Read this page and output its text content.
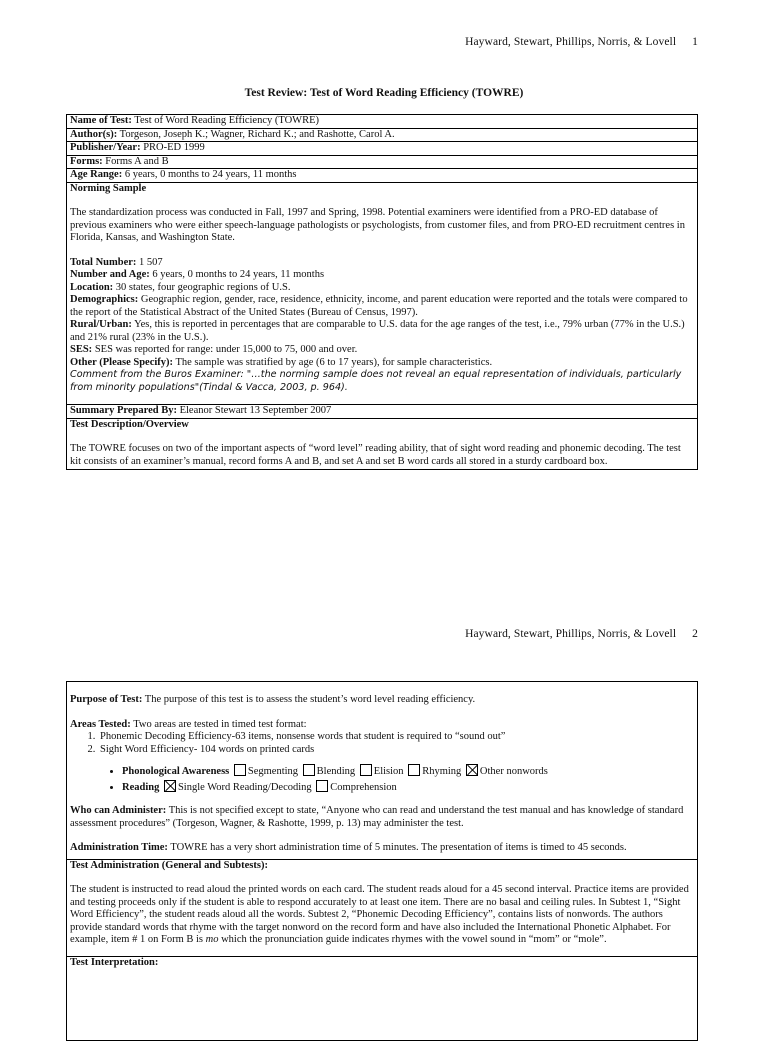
Hayward, Stewart, Phillips, Norris, & Lovell 1
Test Review: Test of Word Reading Efficiency (TOWRE)
Name of Test: Test of Word Reading Efficiency (TOWRE)
Author(s): Torgeson, Joseph K.; Wagner, Richard K.; and Rashotte, Carol A.
Publisher/Year: PRO-ED 1999
Forms: Forms A and B
Age Range: 6 years, 0 months to 24 years, 11 months
Norming Sample

The standardization process was conducted in Fall, 1997 and Spring, 1998. Potential examiners were identified from a PRO-ED database of previous examiners who were either speech-language pathologists or psychologists, from customer files, and from PRO-ED recruitment centres in Florida, Kansas, and Washington State.

Total Number: 1 507
Number and Age: 6 years, 0 months to 24 years, 11 months
Location: 30 states, four geographic regions of U.S.
Demographics: Geographic region, gender, race, residence, ethnicity, income, and parent education were reported and the totals were compared to the report of the Statistical Abstract of the United States (Bureau of Census, 1997).
Rural/Urban: Yes, this is reported in percentages that are comparable to U.S. data for the age ranges of the test, i.e., 79% urban (77% in the U.S.) and 21% rural (23% in the U.S.).
SES: SES was reported for range: under 15,000 to 75, 000 and over.
Other (Please Specify): The sample was stratified by age (6 to 17 years), for sample characteristics.
Comment from the Buros Examiner: "…the norming sample does not reveal an equal representation of individuals, particularly from minority populations"(Tindal & Vacca, 2003, p. 964).
Summary Prepared By: Eleanor Stewart 13 September 2007
Test Description/Overview

The TOWRE focuses on two of the important aspects of “word level” reading ability, that of sight word reading and phonemic decoding. The test kit consists of an examiner’s manual, record forms A and B, and set A and set B word cards all stored in a sturdy cardboard box.

Hayward, Stewart, Phillips, Norris, & Lovell 2
Purpose of Test: The purpose of this test is to assess the student’s word level reading efficiency.
Areas Tested: Two areas are tested in timed test format:
1. Phonemic Decoding Efficiency-63 items, nonsense words that student is required to “sound out”
2. Sight Word Efficiency- 104 words on printed cards
• Phonological Awareness Segmenting Blending Elision Rhyming Other nonwords
• Reading Single Word Reading/Decoding Comprehension
Who can Administer: This is not specified except to state, “Anyone who can read and understand the test manual and has knowledge of standard assessment procedures” (Torgeson, Wagner, & Rashotte, 1999, p. 13) may administer the test.
Administration Time: TOWRE has a very short administration time of 5 minutes. The presentation of items is timed to 45 seconds.
Test Administration (General and Subtests):

The student is instructed to read aloud the printed words on each card. The student reads aloud for a 45 second interval. Practice items are provided and testing proceeds only if the student is able to respond accurately to at least one item. There are no basal and ceiling rules. In Subtest 1, “Sight Word Efficiency”, the student reads aloud all the words. Subtest 2, “Phonemic Decoding Efficiency”, contains lists of nonwords. The authors provide standard words that rhyme with the target nonword on the record form and have also included the International Phonetic Alphabet. For example, item # 1 on Form B is mo which the pronunciation guide indicates rhymes with the vowel sound in “mom” or “mole”.

Test Interpretation:
